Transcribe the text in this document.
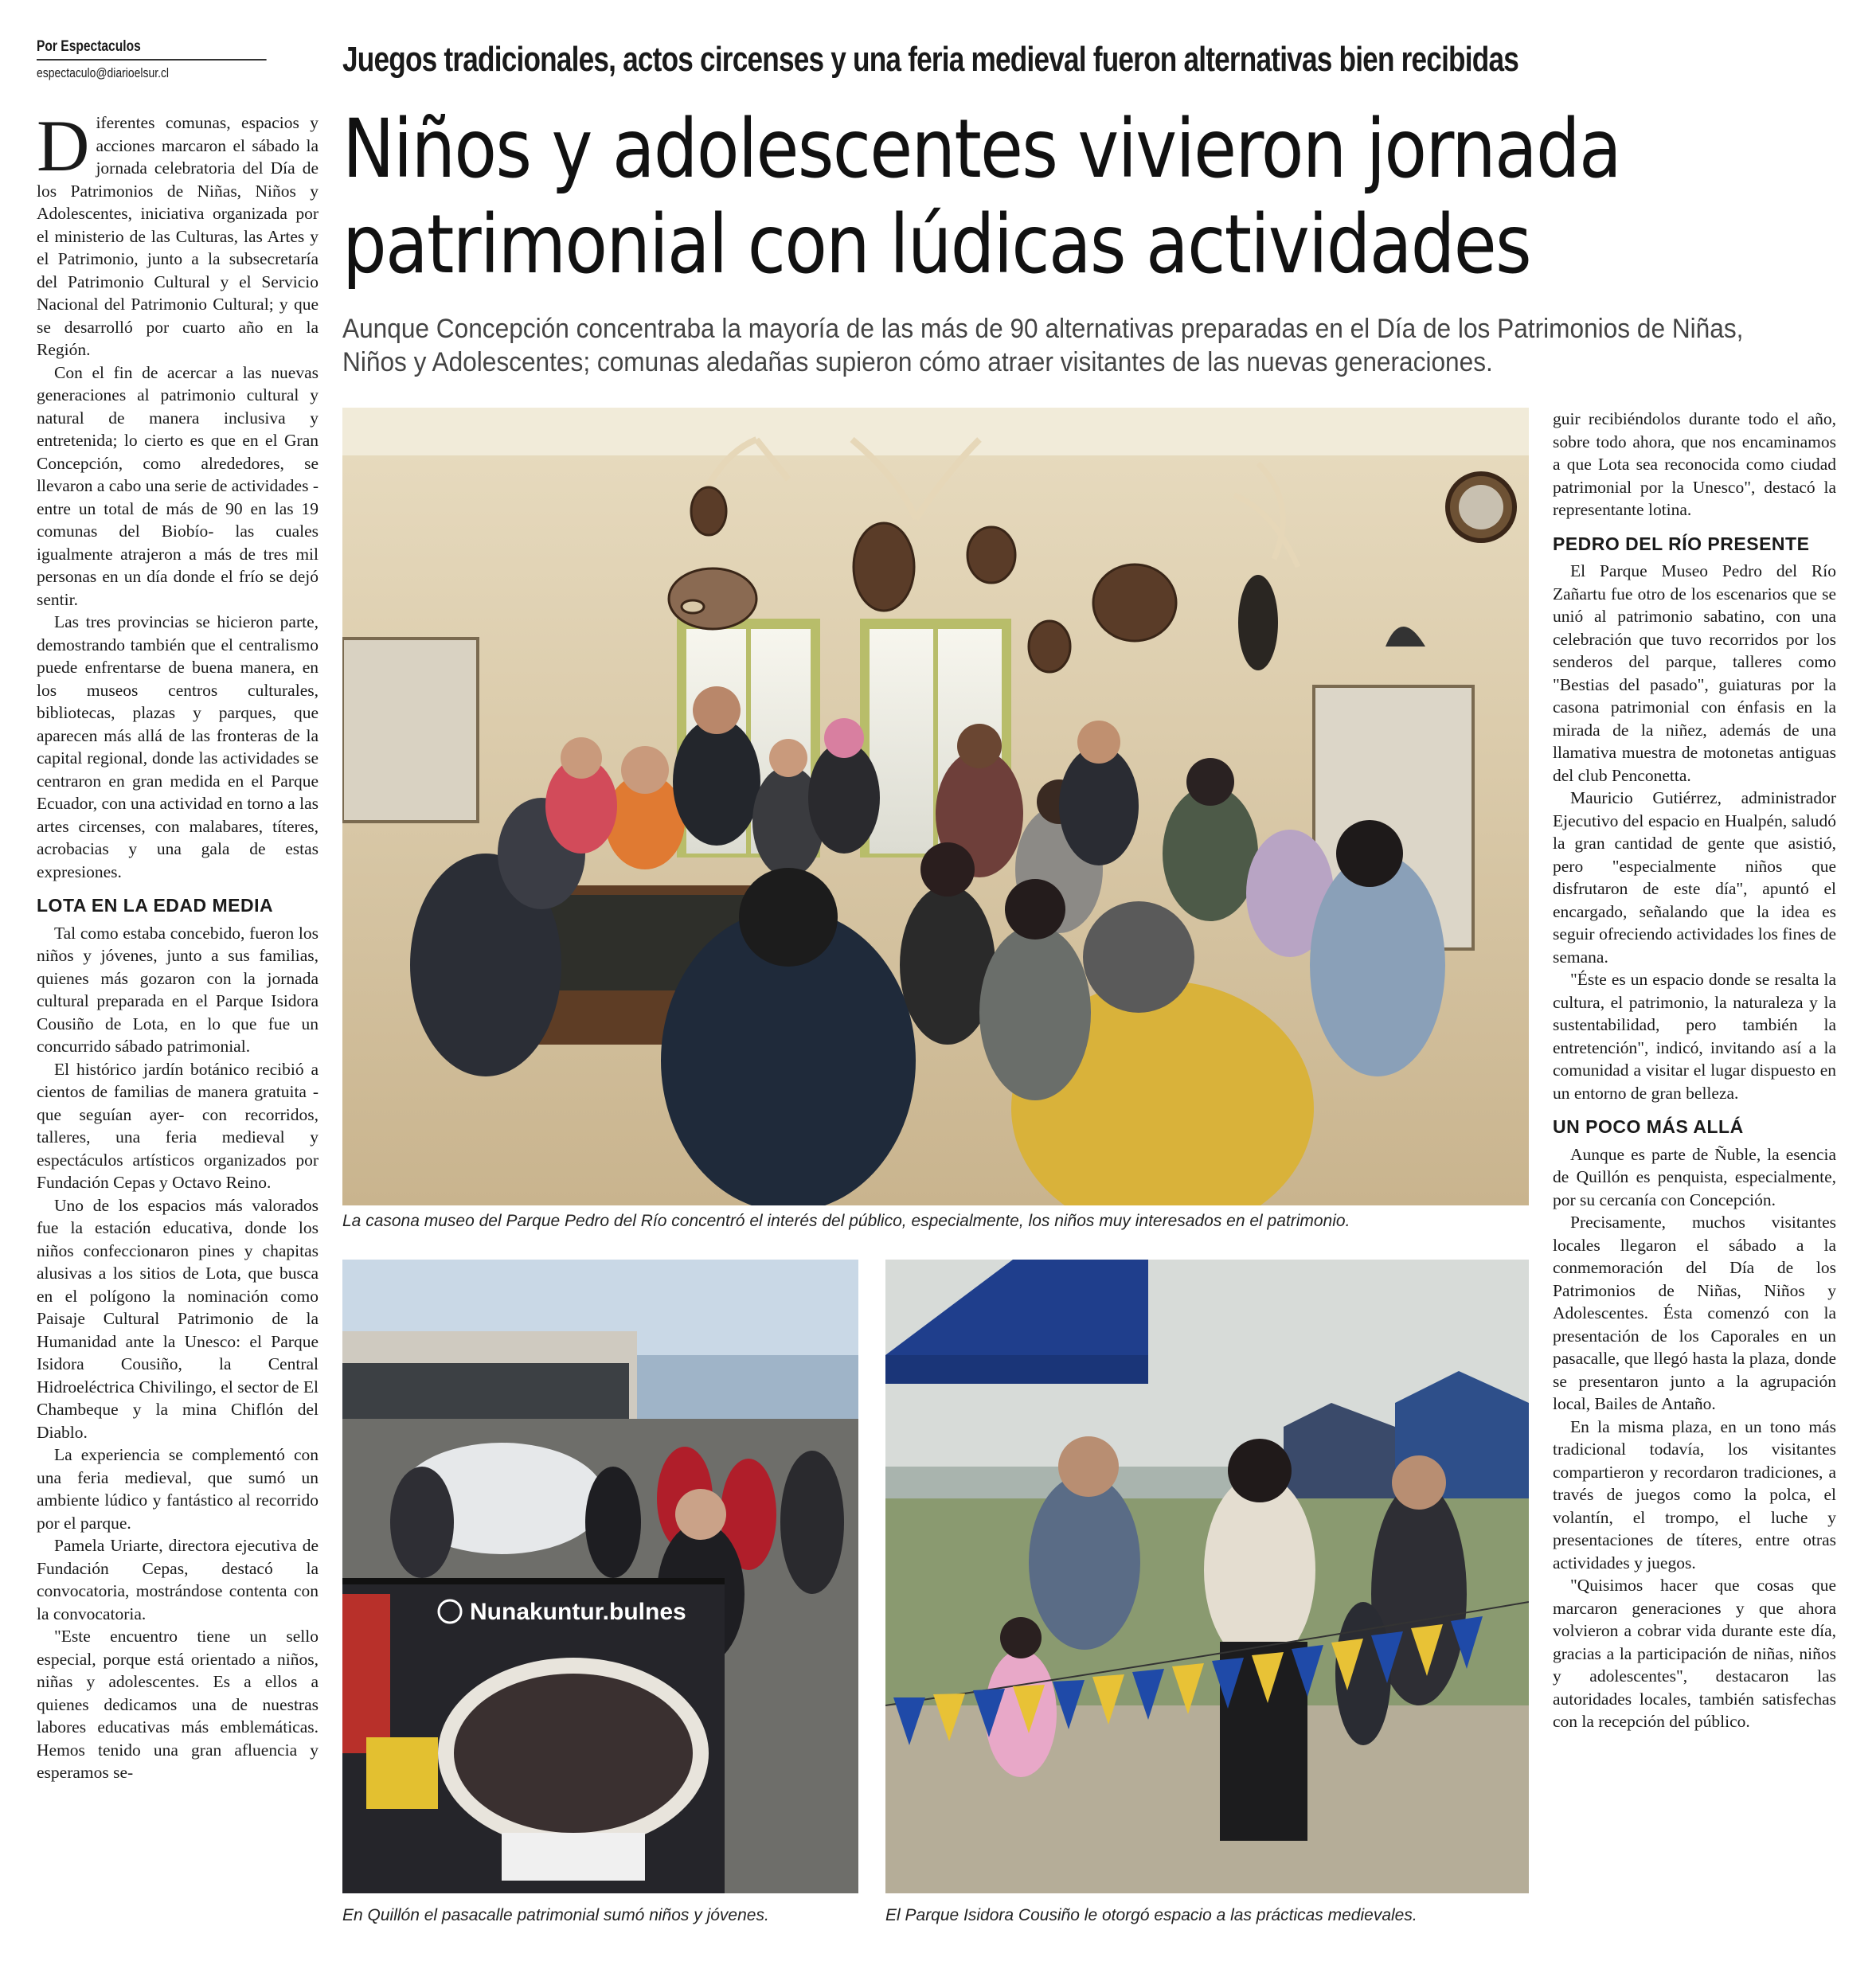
Por Espectaculos
espectaculo@diarioelsur.cl	Juegos tradicionales, actos circenses y una feria medieval fueron alternativas bien recibidas
Niños y adolescentes vivieron jornada
patrimonial con lúdicas actividades
Aunque Concepción concentraba la mayoría de las más de 90 alternativas preparadas en el Día de los Patrimonios de Niñas, Niños y Adolescentes; comunas aledañas supieron cómo atraer visitantes de las nuevas generaciones.

Diferentes comunas, espacios y acciones marcaron el sábado la jornada celebratoria del Día de los Patrimonios de Niñas, Niños y Adolescentes, iniciativa organizada por el ministerio de las Culturas, las Artes y el Patrimonio, junto a la subsecretaría del Patrimonio Cultural y el Servicio Nacional del Patrimonio Cultural; y que se desarrolló por cuarto año en la Región.

Con el fin de acercar a las nuevas generaciones al patrimonio cultural y natural de manera inclusiva y entretenida; lo cierto es que en el Gran Concepción, como alrededores, se llevaron a cabo una serie de actividades -entre un total de más de 90 en las 19 comunas del Biobío- las cuales igualmente atrajeron a más de tres mil personas en un día donde el frío se dejó sentir.

Las tres provincias se hicieron parte, demostrando también que el centralismo puede enfrentarse de buena manera, en los museos centros culturales, bibliotecas, plazas y parques, que aparecen más allá de las fronteras de la capital regional, donde las actividades se centraron en gran medida en el Parque Ecuador, con una actividad en torno a las artes circenses, con malabares, títeres, acrobacias y una gala de estas expresiones.

LOTA EN LA EDAD MEDIA

Tal como estaba concebido, fueron los niños y jóvenes, junto a sus familias, quienes más gozaron con la jornada cultural preparada en el Parque Isidora Cousiño de Lota, en lo que fue un concurrido sábado patrimonial.

El histórico jardín botánico recibió a cientos de familias de manera gratuita -que seguían ayer- con recorridos, talleres, una feria medieval y espectáculos artísticos organizados por Fundación Cepas y Octavo Reino.

Uno de los espacios más valorados fue la estación educativa, donde los niños confeccionaron pines y chapitas alusivas a los sitios de Lota, que busca en el polígono la nominación como Paisaje Cultural Patrimonio de la Humanidad ante la Unesco: el Parque Isidora Cousiño, la Central Hidroeléctrica Chivilingo, el sector de El Chambeque y la mina Chiflón del Diablo.

La experiencia se complementó con una feria medieval, que sumó un ambiente lúdico y fantástico al recorrido por el parque.

Pamela Uriarte, directora ejecutiva de Fundación Cepas, destacó la convocatoria, mostrándose contenta con la convocatoria.

"Este encuentro tiene un sello especial, porque está orientado a niños, niñas y adolescentes. Es a ellos a quienes dedicamos una de nuestras labores educativas más emblemáticas. Hemos tenido una gran afluencia y esperamos se-

La casona museo del Parque Pedro del Río concentró el interés del público, especialmente, los niños muy interesados en el patrimonio.
Nunakuntur.bulnes
En Quillón el pasacalle patrimonial sumó niños y jóvenes.	El Parque Isidora Cousiño le otorgó espacio a las prácticas medievales.

guir recibiéndolos durante todo el año, sobre todo ahora, que nos encaminamos a que Lota sea reconocida como ciudad patrimonial por la Unesco", destacó la representante lotina.

PEDRO DEL RÍO PRESENTE

El Parque Museo Pedro del Río Zañartu fue otro de los escenarios que se unió al patrimonio sabatino, con una celebración que tuvo recorridos por los senderos del parque, talleres como "Bestias del pasado", guiaturas por la casona patrimonial con énfasis en la mirada de la niñez, además de una llamativa muestra de motonetas antiguas del club Penconetta.

Mauricio Gutiérrez, administrador Ejecutivo del espacio en Hualpén, saludó la gran cantidad de gente que asistió, pero "especialmente niños que disfrutaron de este día", apuntó el encargado, señalando que la idea es seguir ofreciendo actividades los fines de semana.

"Éste es un espacio donde se resalta la cultura, el patrimonio, la naturaleza y la sustentabilidad, pero también la entretención", indicó, invitando así a la comunidad a visitar el lugar dispuesto en un entorno de gran belleza.

UN POCO MÁS ALLÁ

Aunque es parte de Ñuble, la esencia de Quillón es penquista, especialmente, por su cercanía con Concepción.

Precisamente, muchos visitantes locales llegaron el sábado a la conmemoración del Día de los Patrimonios de Niñas, Niños y Adolescentes. Ésta comenzó con la presentación de los Caporales en un pasacalle, que llegó hasta la plaza, donde se presentaron junto a la agrupación local, Bailes de Antaño.

En la misma plaza, en un tono más tradicional todavía, los visitantes compartieron y recordaron tradiciones, a través de juegos como la polca, el volantín, el trompo, el luche y presentaciones de títeres, entre otras actividades y juegos.

"Quisimos hacer que cosas que marcaron generaciones y que ahora volvieron a cobrar vida durante este día, gracias a la participación de niñas, niños y adolescentes", destacaron las autoridades locales, también satisfechas con la recepción del público.
